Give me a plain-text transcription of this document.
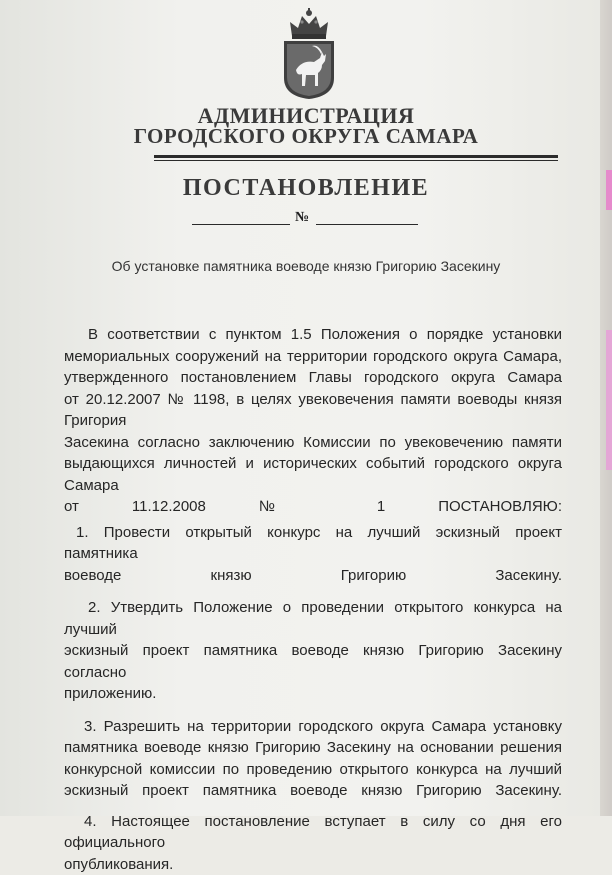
АДМИНИСТРАЦИЯ
ГОРОДСКОГО ОКРУГА САМАРА
ПОСТАНОВЛЕНИЕ
№
Об установке памятника воеводе князю Григорию Засекину

В соответствии с пунктом 1.5 Положения о порядке установки
мемориальных сооружений на территории городского округа Самара,
утвержденного постановлением Главы городского округа Самара
от 20.12.2007 № 1198, в целях увековечения памяти воеводы князя Григория
Засекина согласно заключению Комиссии по увековечению памяти
выдающихся личностей и исторических событий городского округа Самара
от 11.12.2008 № 1 ПОСТАНОВЛЯЮ:

1. Провести открытый конкурс на лучший эскизный проект памятника
воеводе князю Григорию Засекину.

2. Утвердить Положение о проведении открытого конкурса на лучший
эскизный проект памятника воеводе князю Григорию Засекину согласно
приложению.

3. Разрешить на территории городского округа Самара установку
памятника воеводе князю Григорию Засекину на основании решения
конкурсной комиссии по проведению открытого конкурса на лучший
эскизный проект памятника воеводе князю Григорию Засекину.

4. Настоящее постановление вступает в силу со дня его официального
опубликования.
